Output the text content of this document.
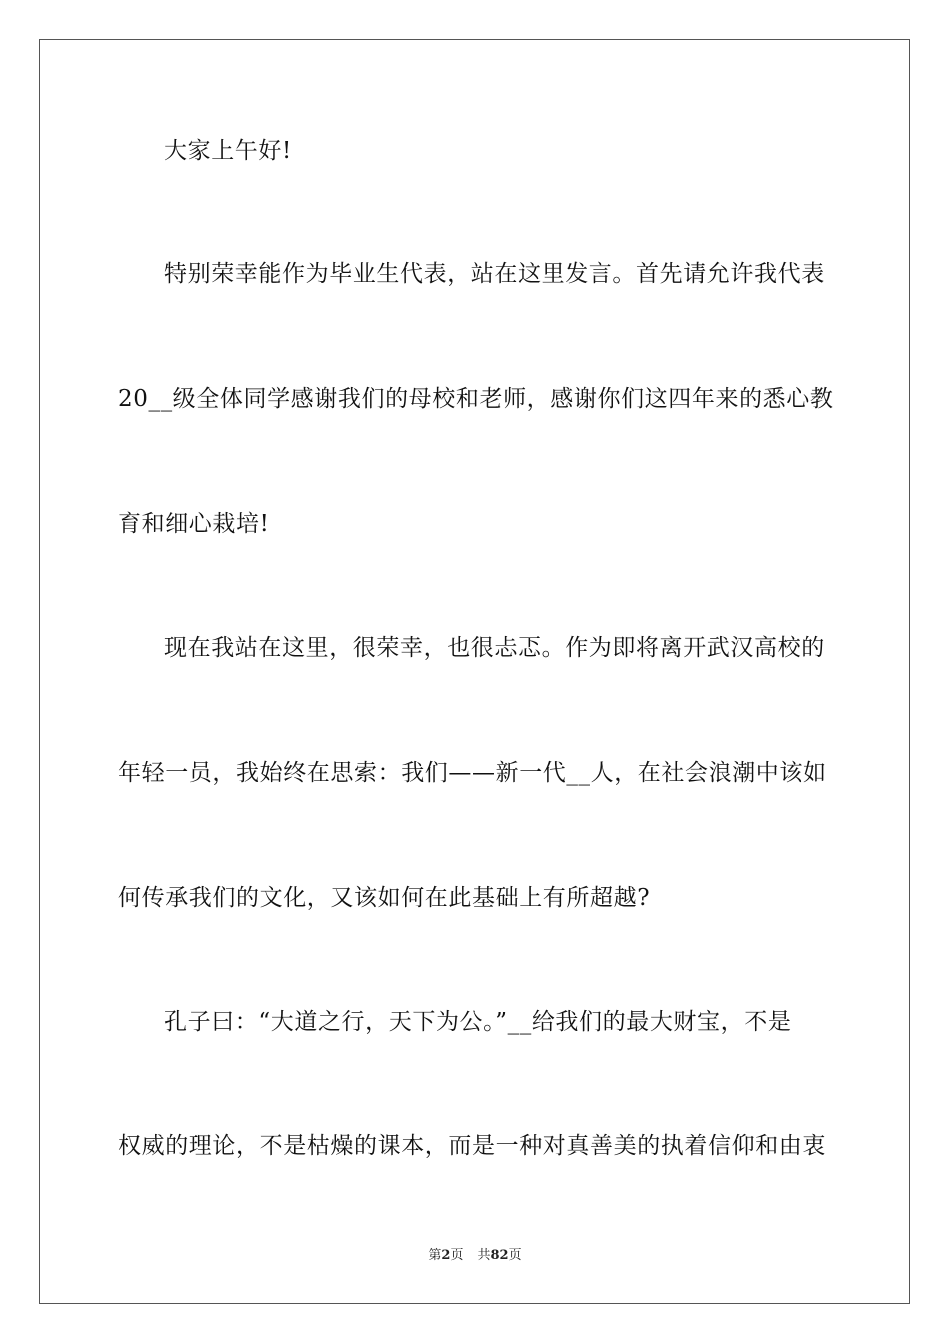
大家上午好!
特别荣幸能作为毕业生代表，站在这里发言。首先请允许我代表
20__级全体同学感谢我们的母校和老师，感谢你们这四年来的悉心教
育和细心栽培!
现在我站在这里，很荣幸，也很忐忑。作为即将离开武汉高校的
年轻一员，我始终在思索：我们——新一代__人，在社会浪潮中该如
何传承我们的文化，又该如何在此基础上有所超越?
孔子曰：“大道之行，天下为公。”__给我们的最大财宝，不是
权威的理论，不是枯燥的课本，而是一种对真善美的执着信仰和由衷
第2页 共82页
